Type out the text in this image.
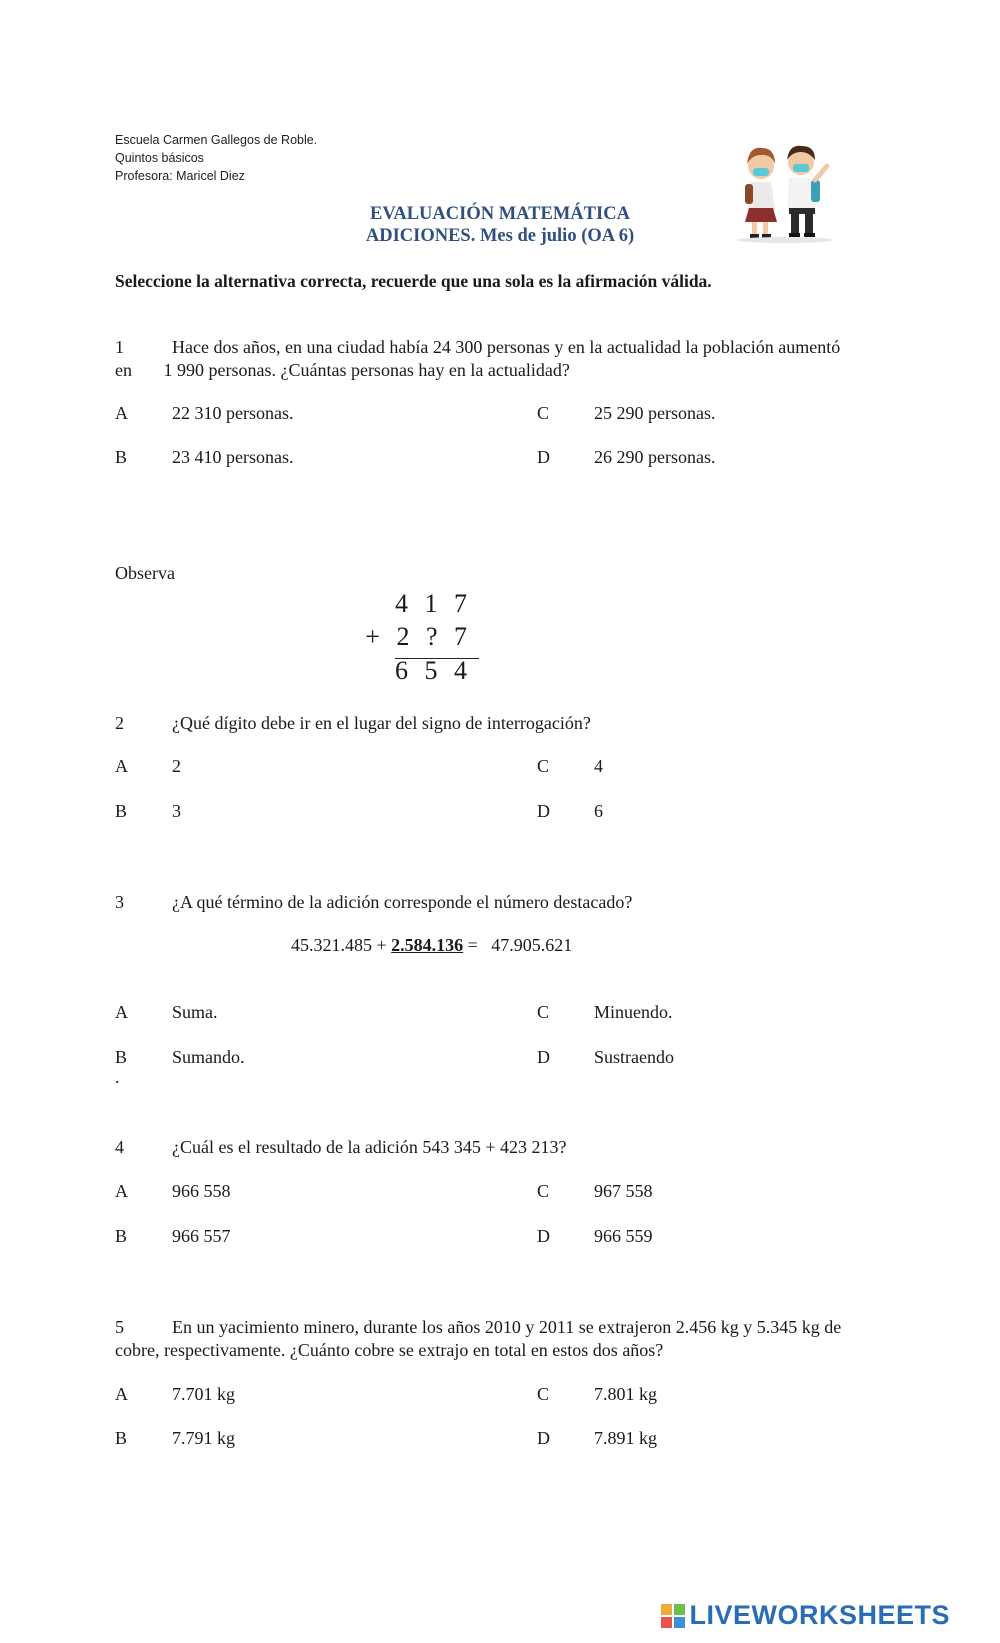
Escuela Carmen Gallegos de Roble.
Quintos básicos
Profesora: Maricel Diez
EVALUACIÓN MATEMÁTICA
ADICIONES. Mes de julio (OA 6)
Seleccione la alternativa correcta, recuerde que una sola es la afirmación válida.
1	Hace dos años, en una ciudad había 24 300 personas y en la actualidad la población aumentó
en       1 990 personas. ¿Cuántas personas hay en la actualidad?
A 22 310 personas.
B 23 410 personas.
C 25 290 personas.
D 26 290 personas.
Observa
4 1 7
+ 2 ? 7
6 5 4
2	¿Qué dígito debe ir en el lugar del signo de interrogación?
A 2
B 3
C 4
D 6
3	¿A qué término de la adición corresponde el número destacado?
45.321.485 + 2.584.136 =   47.905.621
A Suma.
B Sumando.
C Minuendo.
D Sustraendo
.
4	¿Cuál es el resultado de la adición 543 345 + 423 213?
A 966 558
B 966 557
C 967 558
D 966 559
5	En un yacimiento minero, durante los años 2010 y 2011 se extrajeron 2.456 kg y 5.345 kg de
cobre, respectivamente. ¿Cuánto cobre se extrajo en total en estos dos años?
A 7.701 kg
B 7.791 kg
C 7.801 kg
D 7.891 kg
LIVEWORKSHEETS
